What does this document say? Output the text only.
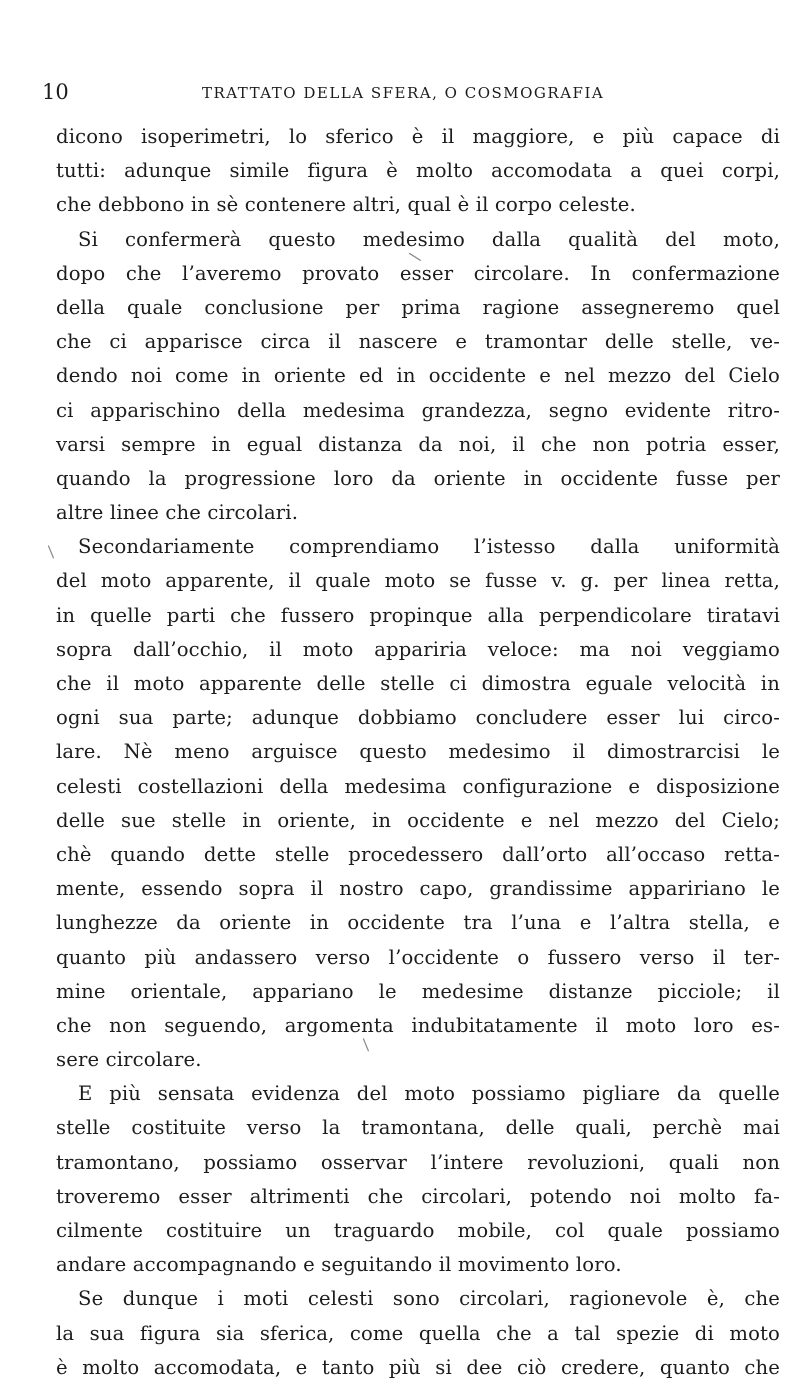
10	TRATTATO DELLA SFERA, O COSMOGRAFIA
dicono isoperimetri, lo sferico è il maggiore, e più capace di
tutti: adunque simile figura è molto accomodata a quei corpi,
che debbono in sè contenere altri, qual è il corpo celeste.
Si confermerà questo medesimo dalla qualità del moto,
dopo che l’averemo provato esser circolare. In confermazione
della quale conclusione per prima ragione assegneremo quel
che ci apparisce circa il nascere e tramontar delle stelle, ve-
dendo noi come in oriente ed in occidente e nel mezzo del Cielo
ci apparischino della medesima grandezza, segno evidente ritro-
varsi sempre in egual distanza da noi, il che non potria esser,
quando la progressione loro da oriente in occidente fusse per
altre linee che circolari.
Secondariamente comprendiamo l’istesso dalla uniformità
del moto apparente, il quale moto se fusse v. g. per linea retta,
in quelle parti che fussero propinque alla perpendicolare tiratavi
sopra dall’occhio, il moto appariria veloce: ma noi veggiamo
che il moto apparente delle stelle ci dimostra eguale velocità in
ogni sua parte; adunque dobbiamo concludere esser lui circo-
lare. Nè meno arguisce questo medesimo il dimostrarcisi le
celesti costellazioni della medesima configurazione e disposizione
delle sue stelle in oriente, in occidente e nel mezzo del Cielo;
chè quando dette stelle procedessero dall’orto all’occaso retta-
mente, essendo sopra il nostro capo, grandissime appaririano le
lunghezze da oriente in occidente tra l’una e l’altra stella, e
quanto più andassero verso l’occidente o fussero verso il ter-
mine orientale, appariano le medesime distanze picciole; il
che non seguendo, argomenta indubitatamente il moto loro es-
sere circolare.
E più sensata evidenza del moto possiamo pigliare da quelle
stelle costituite verso la tramontana, delle quali, perchè mai
tramontano, possiamo osservar l’intere revoluzioni, quali non
troveremo esser altrimenti che circolari, potendo noi molto fa-
cilmente costituire un traguardo mobile, col quale possiamo
andare accompagnando e seguitando il movimento loro.
Se dunque i moti celesti sono circolari, ragionevole è, che
la sua figura sia sferica, come quella che a tal spezie di moto
è molto accomodata, e tanto più si dee ciò credere, quanto che
/
\
/
